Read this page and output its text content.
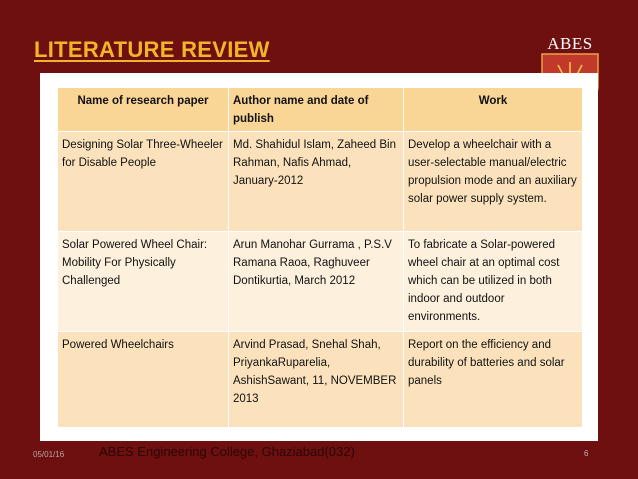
LITERATURE REVIEW	ABES
Name of research paper	Author name and date of publish	Work
Designing Solar Three-Wheeler for Disable People	Md. Shahidul Islam, Zaheed Bin Rahman, Nafis Ahmad, January-2012	Develop a wheelchair with a user-selectable manual/electric propulsion mode and an auxiliary solar power supply system.
Solar Powered Wheel Chair: Mobility For Physically Challenged	Arun Manohar Gurrama , P.S.V Ramana Raoa, Raghuveer Dontikurtia, March 2012	To fabricate a Solar-powered wheel chair at an optimal cost which can be utilized in both indoor and outdoor environments.
Powered Wheelchairs	Arvind Prasad, Snehal Shah, PriyankaRuparelia, AshishSawant, 11, NOVEMBER 2013	Report on the efficiency and durability of batteries and solar panels
05/01/16	ABES Engineering College, Ghaziabad(032)	6
